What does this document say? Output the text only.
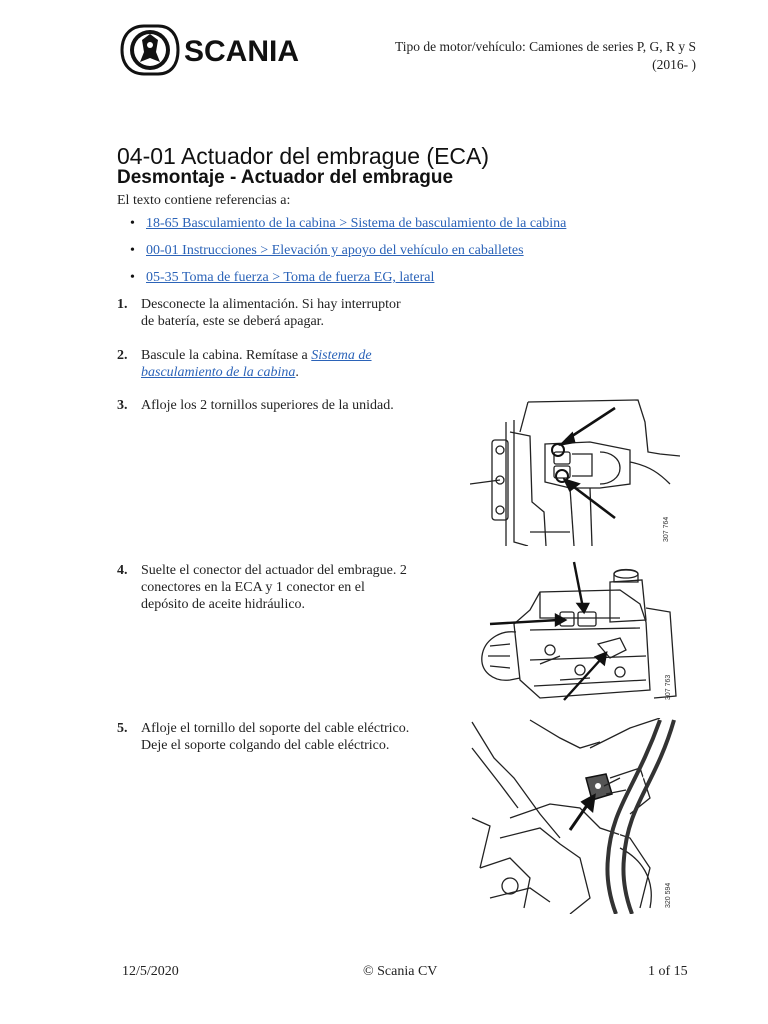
SCANIA	Tipo de motor/vehículo: Camiones de series P, G, R y S
(2016- )
04-01 Actuador del embrague (ECA)
Desmontaje - Actuador del embrague
El texto contiene referencias a:
• 18-65 Basculamiento de la cabina > Sistema de basculamiento de la cabina
• 00-01 Instrucciones > Elevación y apoyo del vehículo en caballetes
• 05-35 Toma de fuerza > Toma de fuerza EG, lateral
1. Desconecte la alimentación. Si hay interruptor
de batería, este se deberá apagar.
2. Bascule la cabina. Remítase a Sistema de
basculamiento de la cabina.
3. Afloje los 2 tornillos superiores de la unidad.
307 764
4. Suelte el conector del actuador del embrague. 2
conectores en la ECA y 1 conector en el
depósito de aceite hidráulico.
307 763
5. Afloje el tornillo del soporte del cable eléctrico.
Deje el soporte colgando del cable eléctrico.
320 594
12/5/2020	© Scania CV	1 of 15
